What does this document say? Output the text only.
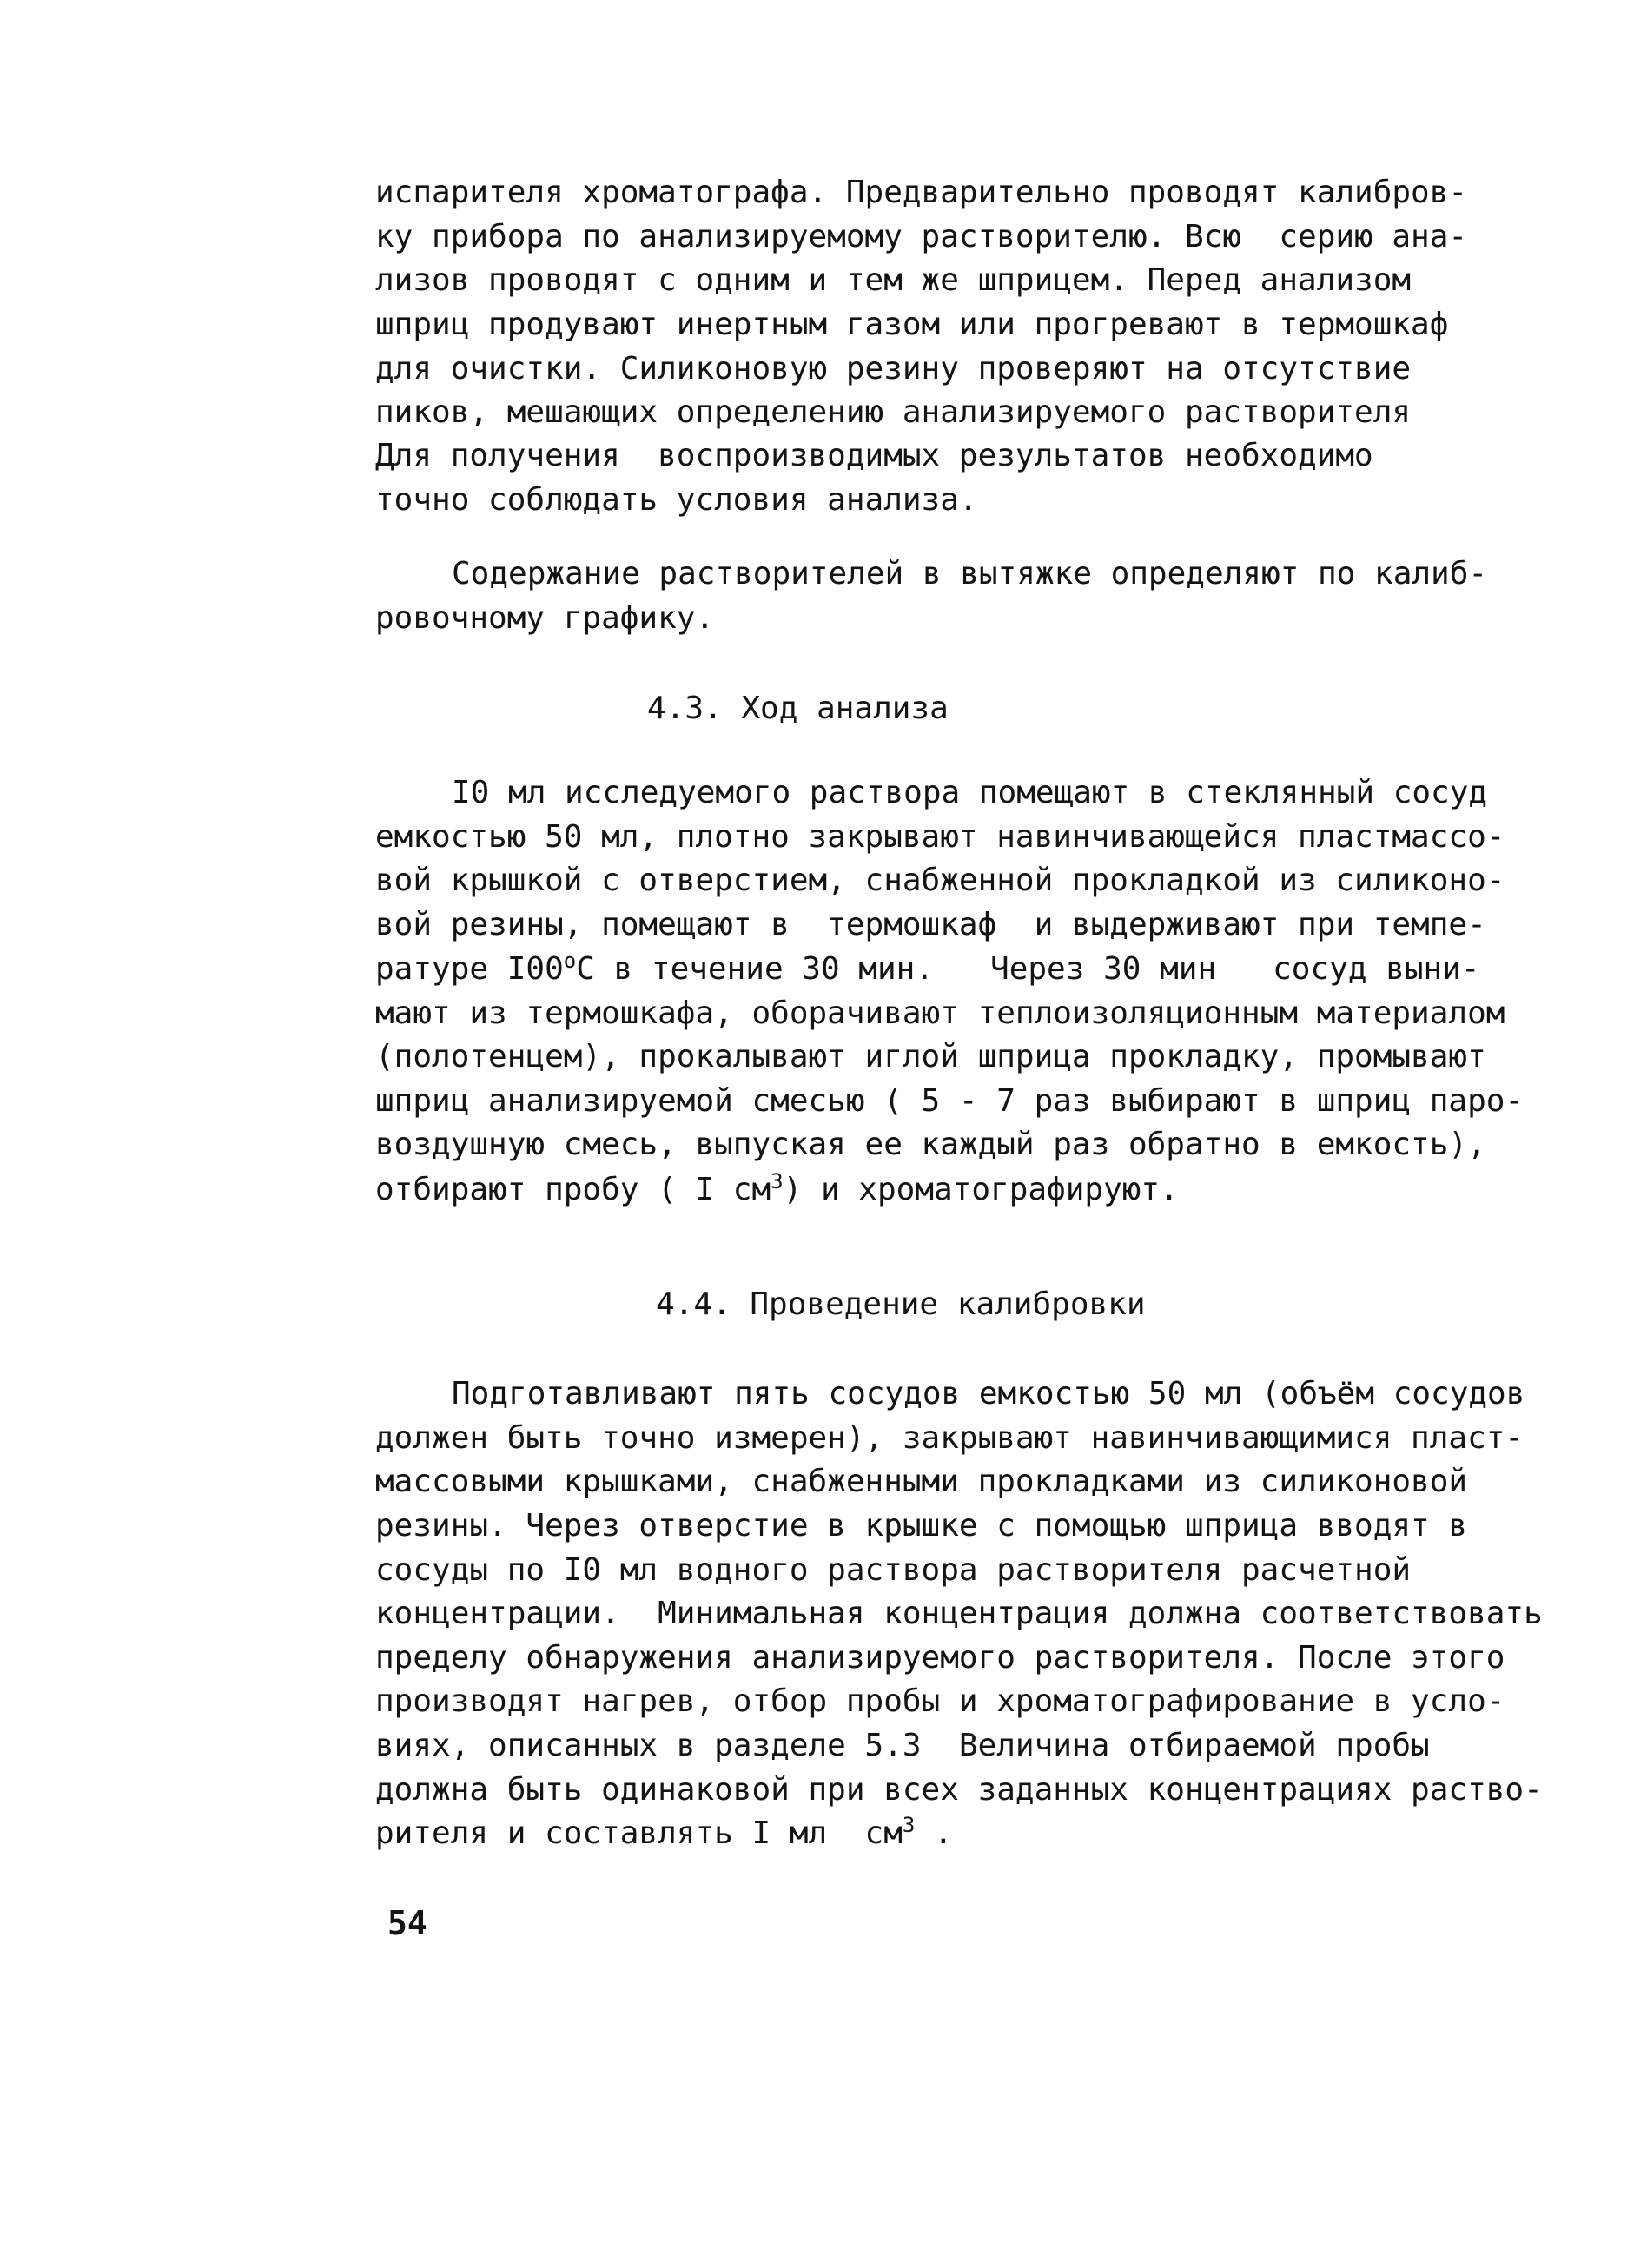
испарителя хроматографа. Предварительно проводят калибров-
ку прибора по анализируемому растворителю. Всю  серию ана-
лизов проводят с одним и тем же шприцем. Перед анализом
шприц продувают инертным газом или прогревают в термошкаф
для очистки. Силиконовую резину проверяют на отсутствие
пиков, мешающих определению анализируемого растворителя
Для получения  воспроизводимых результатов необходимо
точно соблюдать условия анализа.
Содержание растворителей в вытяжке определяют по калиб-
ровочному графику.
4.3. Ход анализа
I0 мл исследуемого раствора помещают в стеклянный сосуд
емкостью 50 мл, плотно закрывают навинчивающейся пластмассо-
вой крышкой с отверстием, снабженной прокладкой из силиконо-
вой резины, помещают в  термошкаф  и выдерживают при темпе-
ратуре $I00^оС$ в течение 30 мин.   Через 30 мин   сосуд выни-
мают из термошкафа, оборачивают теплоизоляционным материалом
(полотенцем), прокалывают иглой шприца прокладку, промывают
шприц анализируемой смесью ( 5 - 7 раз выбирают в шприц паро-
воздушную смесь, выпуская ее каждый раз обратно в емкость),
отбирают пробу ( I $см^3$) и хроматографируют.
4.4. Проведение калибровки
Подготавливают пять сосудов емкостью 50 мл (объём сосудов
должен быть точно измерен), закрывают навинчивающимися пласт-
массовыми крышками, снабженными прокладками из силиконовой
резины. Через отверстие в крышке с помощью шприца вводят в
сосуды по I0 мл водного раствора растворителя расчетной
концентрации.  Минимальная концентрация должна соответствовать
пределу обнаружения анализируемого растворителя. После этого
производят нагрев, отбор пробы и хроматографирование в усло-
виях, описанных в разделе 5.3  Величина отбираемой пробы
должна быть одинаковой при всех заданных концентрациях раство-
рителя и составлять I мл  $см^3$ .
54
